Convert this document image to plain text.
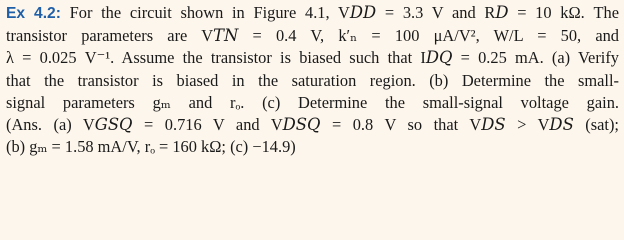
Ex 4.2: For the circuit shown in Figure 4.1, V𝐷𝐷 = 3.3 V and R𝐷 = 10 kΩ. The
transistor parameters are V𝑇𝑁 = 0.4 V, k′ₙ = 100 μA/V², W/L = 50, and
λ = 0.025 V⁻¹. Assume the transistor is biased such that I𝐷𝑄 = 0.25 mA. (a) Verify
that the transistor is biased in the saturation region. (b) Determine the small-
signal parameters gₘ and rₒ. (c) Determine the small-signal voltage gain.
(Ans. (a) V𝐺𝑆𝑄 = 0.716 V and V𝐷𝑆𝑄 = 0.8 V so that V𝐷𝑆 > V𝐷𝑆 (sat);
(b) gₘ = 1.58 mA/V, rₒ = 160 kΩ; (c) −14.9)
